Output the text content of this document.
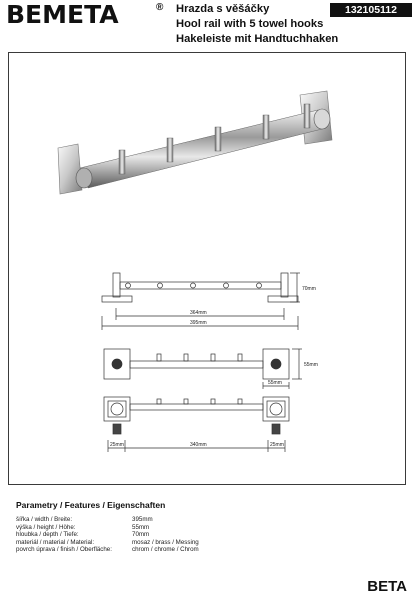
BEMETA	® Hrazda s věšáčky
Hool rail with 5 towel hooks
Hakeleiste mit Handtuchhaken
132105112
70mm
364mm
395mm
55mm
55mm
25mm	340mm	25mm
Parametry / Features / Eigenschaften
šířka / width / Breite:	395mm
výška / height / Höhe:	55mm
hloubka / depth / Tiefe:	70mm
materiál / material / Material:	mosaz / brass / Messing
povrch úprava / finish / Oberfläche:	chrom / chrome / Chrom
BETA
